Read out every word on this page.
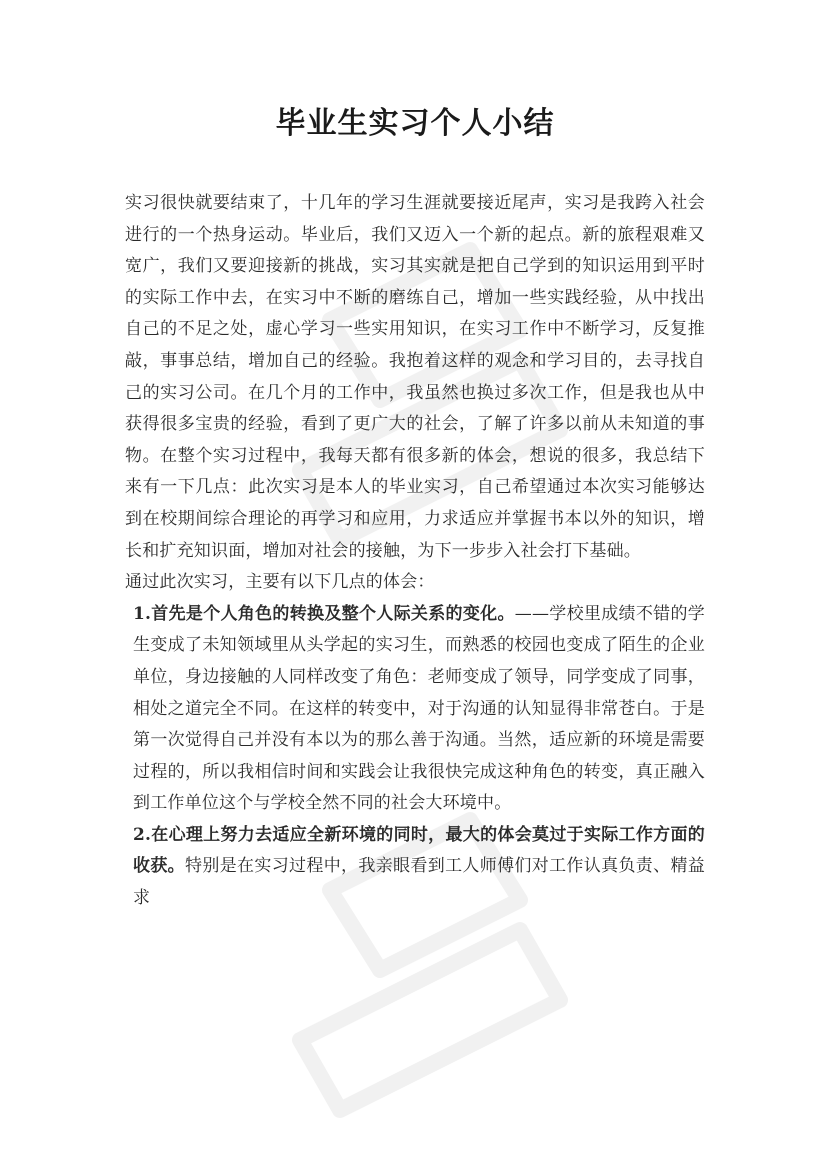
毕业生实习个人小结

实习很快就要结束了，十几年的学习生涯就要接近尾声，实习是我跨入社会进行的一个热身运动。毕业后，我们又迈入一个新的起点。新的旅程艰难又宽广，我们又要迎接新的挑战，实习其实就是把自己学到的知识运用到平时的实际工作中去，在实习中不断的磨练自己，增加一些实践经验，从中找出自己的不足之处，虚心学习一些实用知识，在实习工作中不断学习，反复推敲，事事总结，增加自己的经验。我抱着这样的观念和学习目的，去寻找自己的实习公司。在几个月的工作中，我虽然也换过多次工作，但是我也从中获得很多宝贵的经验，看到了更广大的社会，了解了许多以前从未知道的事物。在整个实习过程中，我每天都有很多新的体会，想说的很多，我总结下来有一下几点：此次实习是本人的毕业实习，自己希望通过本次实习能够达到在校期间综合理论的再学习和应用，力求适应并掌握书本以外的知识，增长和扩充知识面，增加对社会的接触，为下一步步入社会打下基础。

通过此次实习，主要有以下几点的体会：

1.首先是个人角色的转换及整个人际关系的变化。——学校里成绩不错的学生变成了未知领域里从头学起的实习生，而熟悉的校园也变成了陌生的企业单位，身边接触的人同样改变了角色：老师变成了领导，同学变成了同事，相处之道完全不同。在这样的转变中，对于沟通的认知显得非常苍白。于是第一次觉得自己并没有本以为的那么善于沟通。当然，适应新的环境是需要过程的，所以我相信时间和实践会让我很快完成这种角色的转变，真正融入到工作单位这个与学校全然不同的社会大环境中。

2.在心理上努力去适应全新环境的同时，最大的体会莫过于实际工作方面的收获。特别是在实习过程中，我亲眼看到工人师傅们对工作认真负责、精益求
